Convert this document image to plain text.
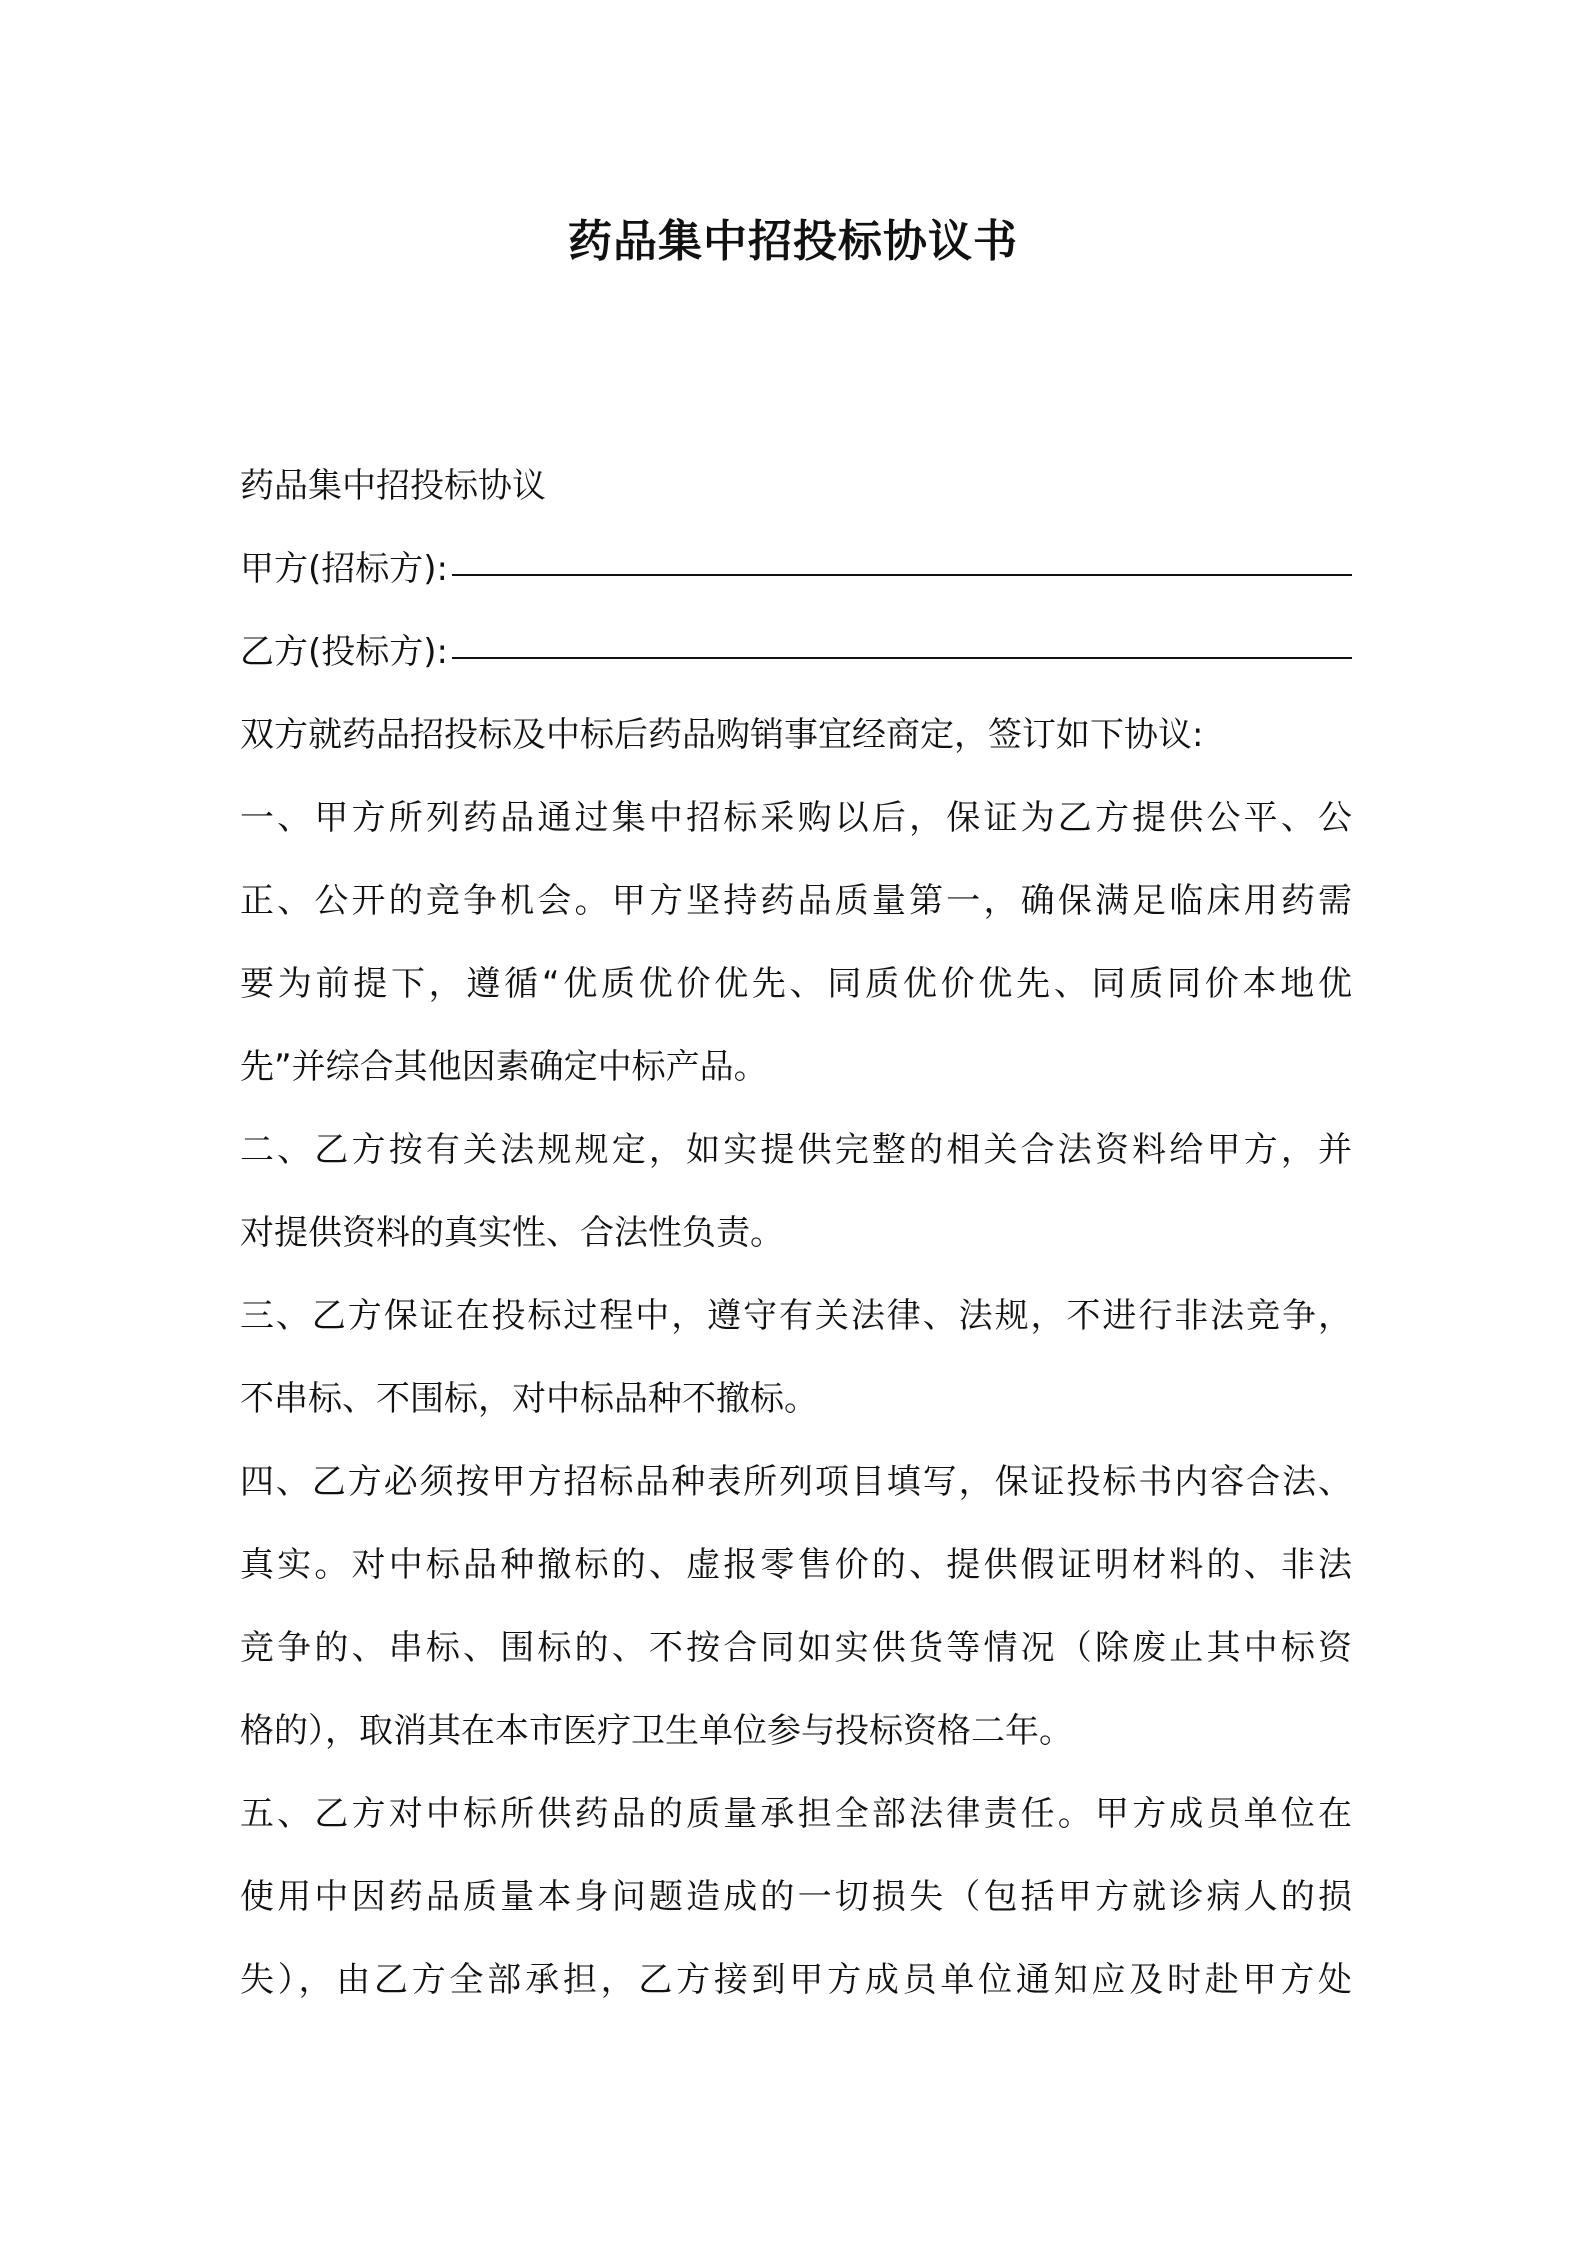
药品集中招投标协议书
药品集中招投标协议
甲方(招标方):
乙方(投标方):
双方就药品招投标及中标后药品购销事宜经商定，签订如下协议:
一、甲方所列药品通过集中招标采购以后，保证为乙方提供公平、公
正、公开的竞争机会。甲方坚持药品质量第一，确保满足临床用药需
要为前提下，遵循“优质优价优先、同质优价优先、同质同价本地优
先”并综合其他因素确定中标产品。
二、乙方按有关法规规定，如实提供完整的相关合法资料给甲方，并
对提供资料的真实性、合法性负责。
三、乙方保证在投标过程中，遵守有关法律、法规，不进行非法竞争，
不串标、不围标，对中标品种不撤标。
四、乙方必须按甲方招标品种表所列项目填写，保证投标书内容合法、
真实。对中标品种撤标的、虚报零售价的、提供假证明材料的、非法
竞争的、串标、围标的、不按合同如实供货等情况（除废止其中标资
格的），取消其在本市医疗卫生单位参与投标资格二年。
五、乙方对中标所供药品的质量承担全部法律责任。甲方成员单位在
使用中因药品质量本身问题造成的一切损失（包括甲方就诊病人的损
失），由乙方全部承担，乙方接到甲方成员单位通知应及时赴甲方处
